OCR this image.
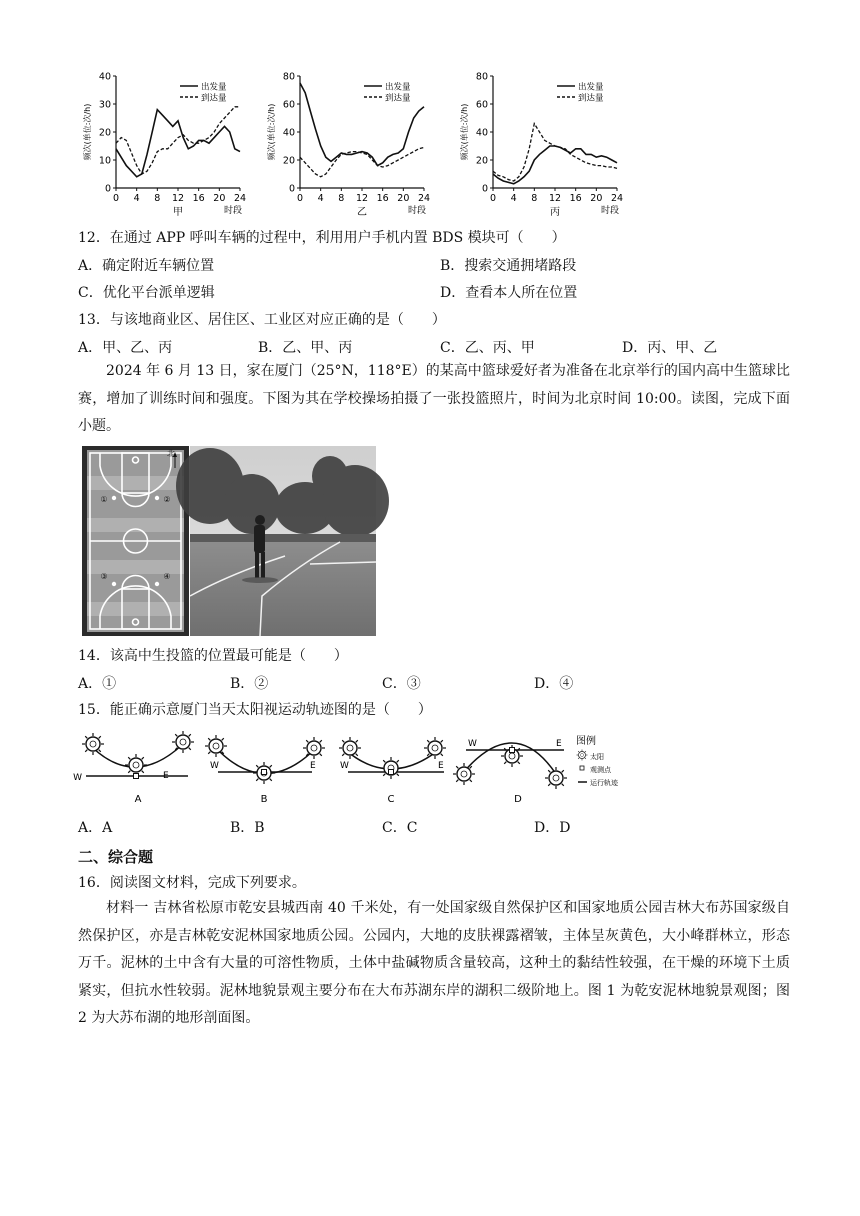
0
10
20
30
40
0 4 8 12 16 20 24
时段
甲
频次(单位:次/h)
出发量
到达量
0
20
40
60
80
0 4 8 12 16 20 24
时段
乙
频次(单位:次/h)
出发量
到达量
0
20
40
60
80
0 4 8 12 16 20 24
时段
丙
频次(单位:次/h)
出发量
到达量
12．在通过 APP 呼叫车辆的过程中，利用用户手机内置 BDS 模块可（　　）
A．确定附近车辆位置	B．搜索交通拥堵路段
C．优化平台派单逻辑	D．查看本人所在位置
13．与该地商业区、居住区、工业区对应正确的是（　　）
A．甲、乙、丙	B．乙、甲、丙	C．乙、丙、甲	D．丙、甲、乙
2024 年 6 月 13 日，家在厦门（25°N，118°E）的某高中篮球爱好者为准备在北京举行的国内高中生篮球比赛，增加了训练时间和强度。下图为其在学校操场拍摄了一张投篮照片，时间为北京时间 10:00。读图，完成下面小题。
北
①	②
③	④
14．该高中生投篮的位置最可能是（　　）
A．①	B．②	C．③	D．④
15．能正确示意厦门当天太阳视运动轨迹图的是（　　）
W	E
A
W	E
B
W	E
C
W	E
D
图例
太阳
观测点
运行轨迹
A．A	B．B	C．C	D．D
二、综合题
16．阅读图文材料，完成下列要求。
材料一 吉林省松原市乾安县城西南 40 千米处，有一处国家级自然保护区和国家地质公园吉林大布苏国家级自然保护区，亦是吉林乾安泥林国家地质公园。公园内，大地的皮肤裸露褶皱，主体呈灰黄色，大小峰群林立，形态万千。泥林的土中含有大量的可溶性物质，土体中盐碱物质含量较高，这种土的黏结性较强，在干燥的环境下土质紧实，但抗水性较弱。泥林地貌景观主要分布在大布苏湖东岸的湖积二级阶地上。图 1 为乾安泥林地貌景观图；图 2 为大苏布湖的地形剖面图。
